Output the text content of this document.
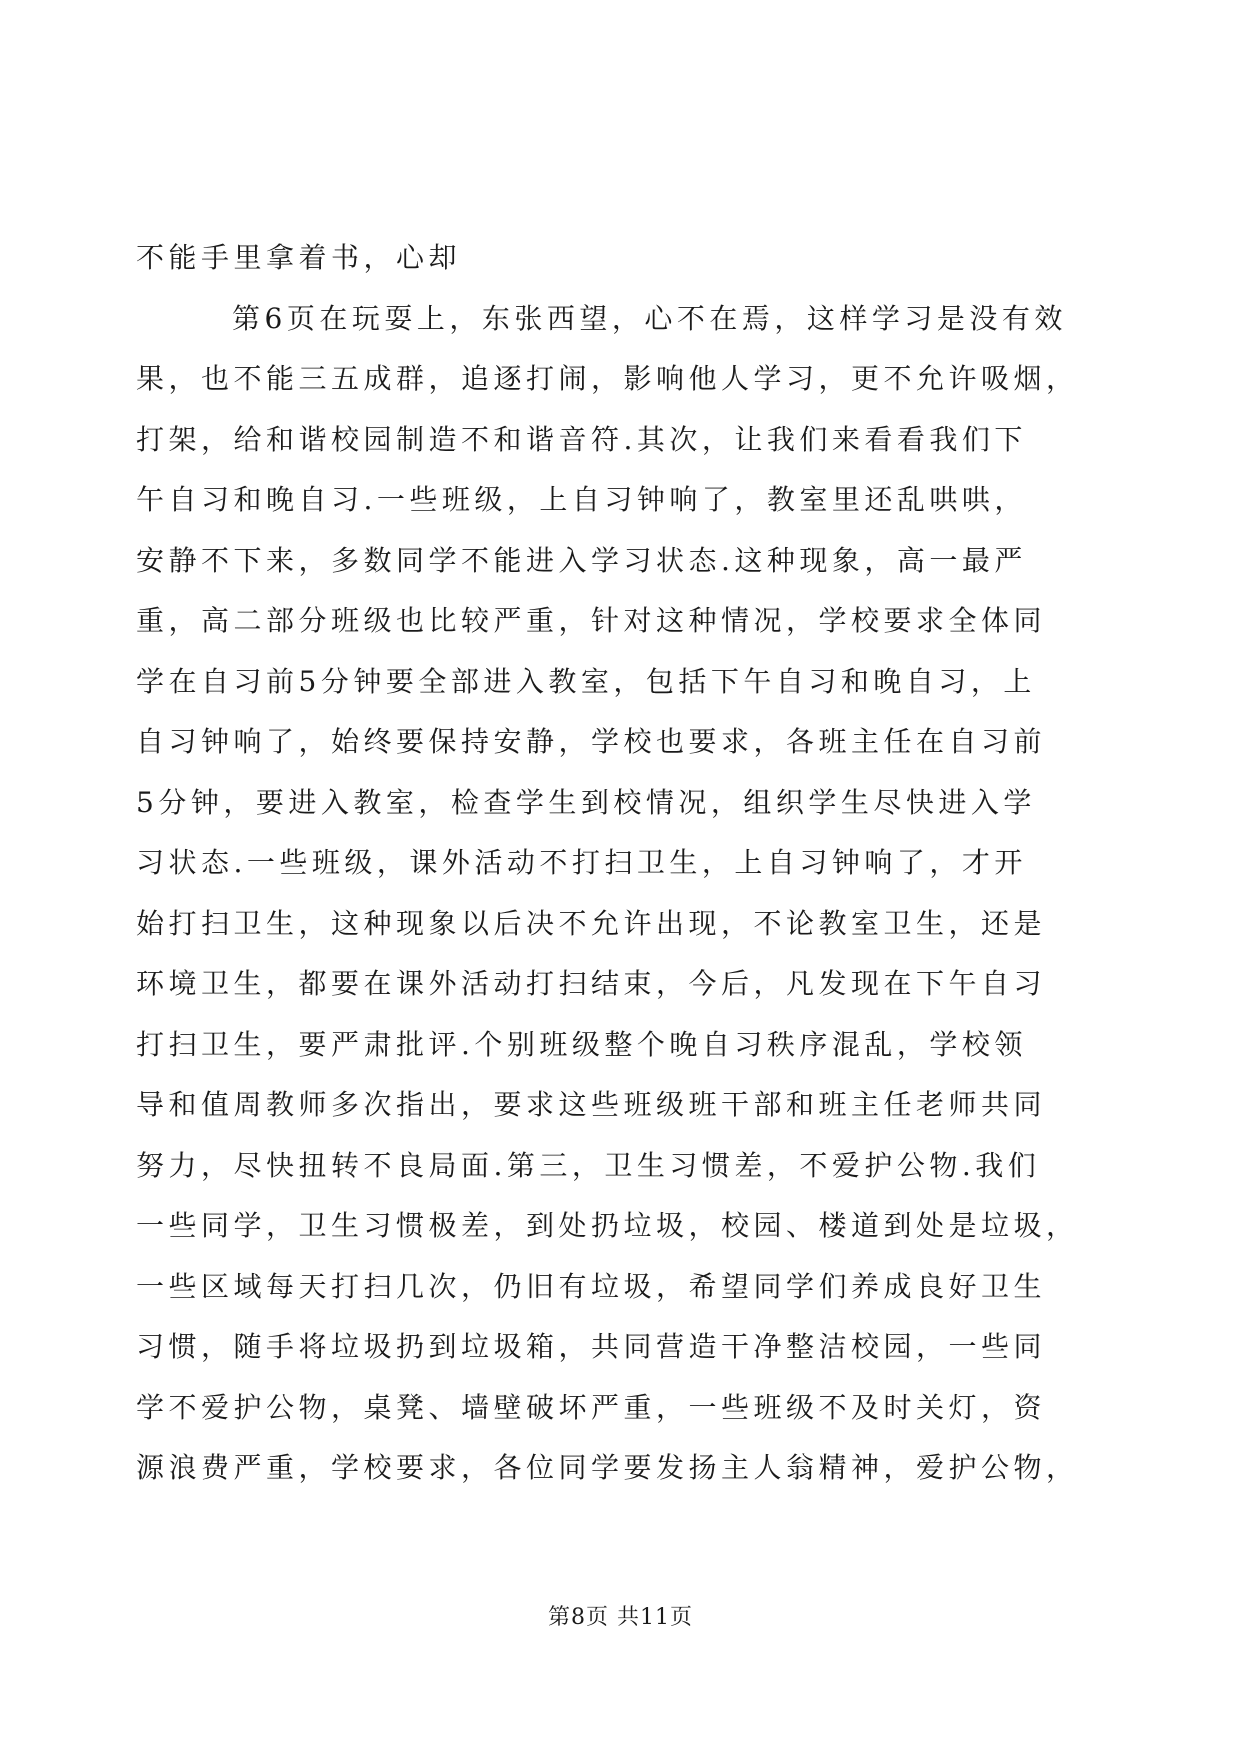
不能手里拿着书，心却
第6页在玩耍上，东张西望，心不在焉，这样学习是没有效
果，也不能三五成群，追逐打闹，影响他人学习，更不允许吸烟，
打架，给和谐校园制造不和谐音符.其次，让我们来看看我们下
午自习和晚自习.一些班级，上自习钟响了，教室里还乱哄哄，
安静不下来，多数同学不能进入学习状态.这种现象，高一最严
重，高二部分班级也比较严重，针对这种情况，学校要求全体同
学在自习前5分钟要全部进入教室，包括下午自习和晚自习，上
自习钟响了，始终要保持安静，学校也要求，各班主任在自习前
5分钟，要进入教室，检查学生到校情况，组织学生尽快进入学
习状态.一些班级，课外活动不打扫卫生，上自习钟响了，才开
始打扫卫生，这种现象以后决不允许出现，不论教室卫生，还是
环境卫生，都要在课外活动打扫结束，今后，凡发现在下午自习
打扫卫生，要严肃批评.个别班级整个晚自习秩序混乱，学校领
导和值周教师多次指出，要求这些班级班干部和班主任老师共同
努力，尽快扭转不良局面.第三，卫生习惯差，不爱护公物.我们
一些同学，卫生习惯极差，到处扔垃圾，校园、楼道到处是垃圾，
一些区域每天打扫几次，仍旧有垃圾，希望同学们养成良好卫生
习惯，随手将垃圾扔到垃圾箱，共同营造干净整洁校园，一些同
学不爱护公物，桌凳、墙壁破坏严重，一些班级不及时关灯，资
源浪费严重，学校要求，各位同学要发扬主人翁精神，爱护公物，
第8页 共11页
